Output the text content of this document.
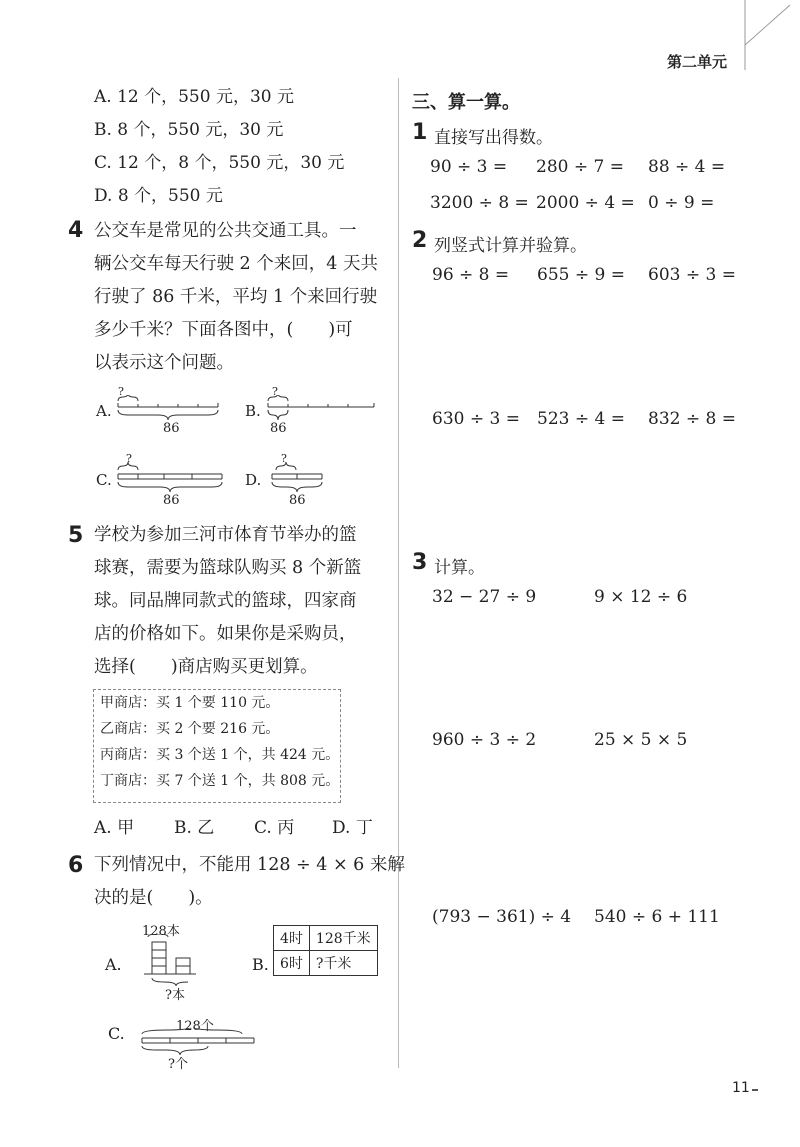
第二单元
A. 12 个，550 元，30 元
B. 8 个，550 元，30 元
C. 12 个，8 个，550 元，30 元
D. 8 个，550 元
4 公交车是常见的公共交通工具。一
辆公交车每天行驶 2 个来回，4 天共
行驶了 86 千米，平均 1 个来回行驶
多少千米？下面各图中，(　　)可
以表示这个问题。
A.
?
86
B.
?
86
C.
?
86
D.
?
86
5 学校为参加三河市体育节举办的篮
球赛，需要为篮球队购买 8 个新篮
球。同品牌同款式的篮球，四家商
店的价格如下。如果你是采购员，
选择(　　)商店购买更划算。
甲商店：买 1 个要 110 元。
乙商店：买 2 个要 216 元。
丙商店：买 3 个送 1 个，共 424 元。
丁商店：买 7 个送 1 个，共 808 元。
A. 甲 B. 乙 C. 丙 D. 丁
6 下列情况中，不能用 128 ÷ 4 × 6 来解
决的是(　　)。
A.
128本
?本
B.
4时	128千米
6时	?千米
C.	128个
?个
三、算一算。
1 直接写出得数。
90 ÷ 3 = 280 ÷ 7 = 88 ÷ 4 =
3200 ÷ 8 = 2000 ÷ 4 = 0 ÷ 9 =
2 列竖式计算并验算。
96 ÷ 8 = 655 ÷ 9 = 603 ÷ 3 =
630 ÷ 3 = 523 ÷ 4 = 832 ÷ 8 =
3 计算。
32 − 27 ÷ 9	9 × 12 ÷ 6
960 ÷ 3 ÷ 2	25 × 5 × 5
(793 − 361) ÷ 4 540 ÷ 6 + 111
11
